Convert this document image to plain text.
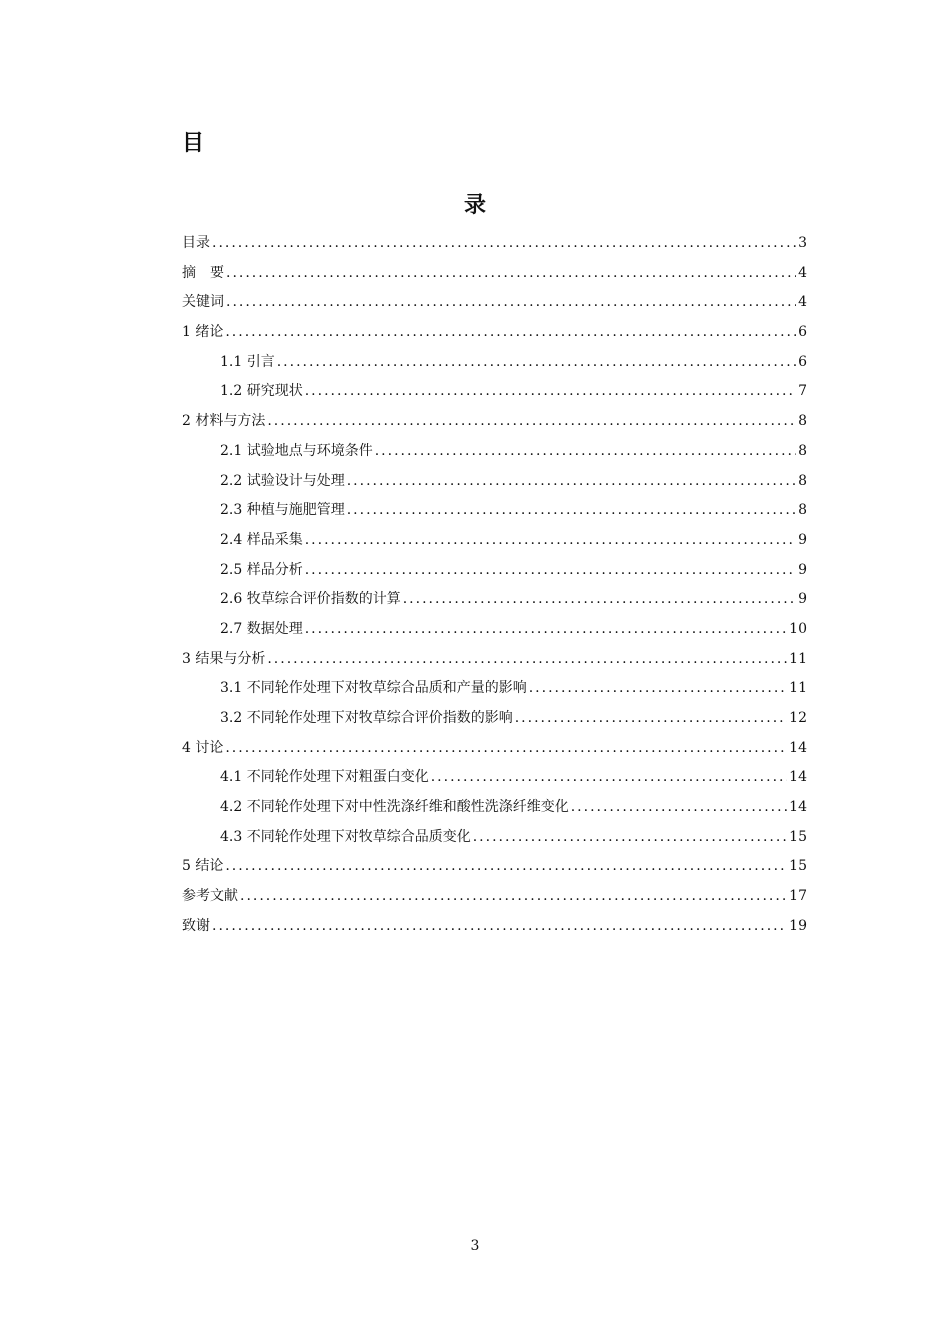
目
录
目录 .....	3
摘　要 .....	4
关键词 .....	4
1 绪论 .....	6
1.1 引言 .....	6
1.2 研究现状 .....	7
2 材料与方法 .....	8
2.1 试验地点与环境条件 .....	8
2.2 试验设计与处理 .....	8
2.3 种植与施肥管理 .....	8
2.4 样品采集 .....	9
2.5 样品分析 .....	9
2.6 牧草综合评价指数的计算 .....	9
2.7 数据处理 .....	10
3 结果与分析 .....	11
3.1 不同轮作处理下对牧草综合品质和产量的影响 .....	11
3.2 不同轮作处理下对牧草综合评价指数的影响 .....	12
4 讨论 .....	14
4.1 不同轮作处理下对粗蛋白变化 .....	14
4.2 不同轮作处理下对中性洗涤纤维和酸性洗涤纤维变化 .....	14
4.3 不同轮作处理下对牧草综合品质变化 .....	15
5 结论 .....	15
参考文献 .....	17
致谢 .....	19
3
